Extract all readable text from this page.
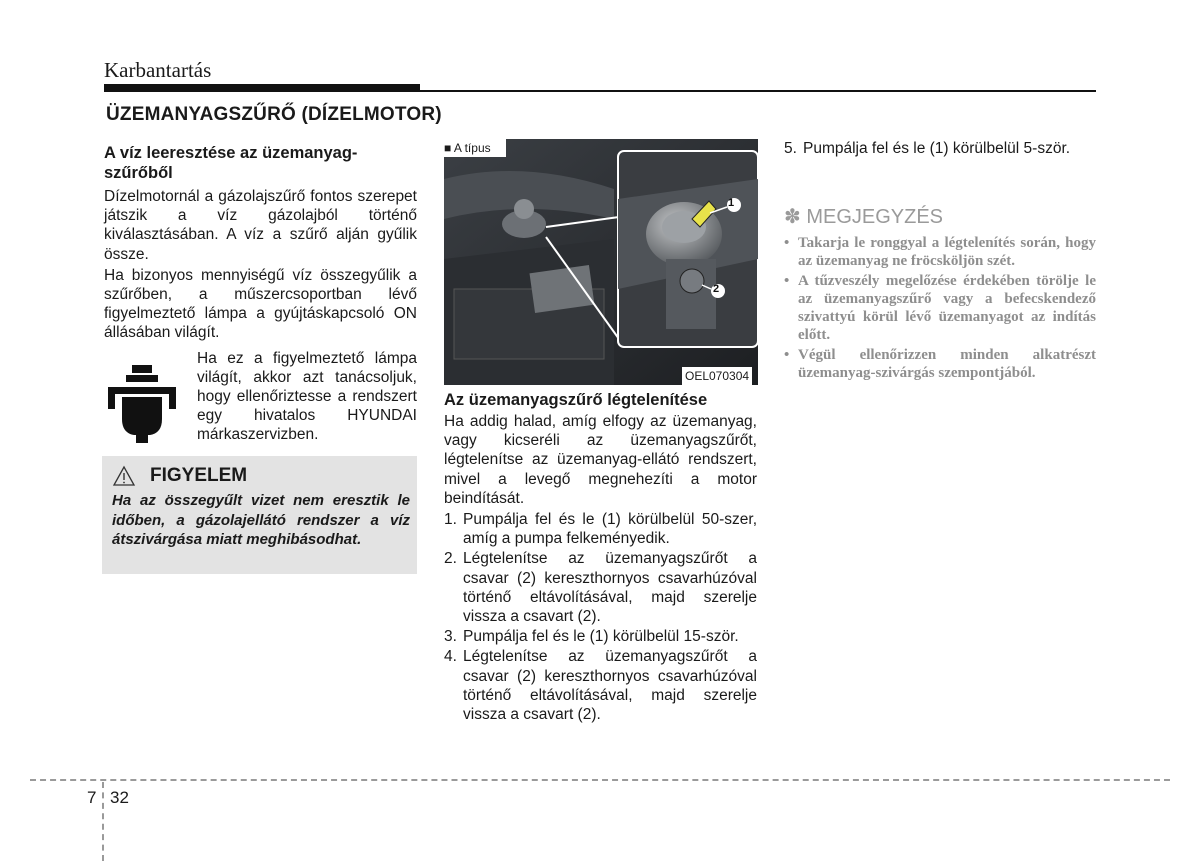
Karbantartás
ÜZEMANYAGSZŰRŐ (DÍZELMOTOR)
A víz leeresztése az üzemanyag-szűrőből

Dízelmotornál a gázolajszűrő fontos szerepet játszik a víz gázolajból történő kiválasztásában. A víz a szűrő alján gyűlik össze.

Ha bizonyos mennyiségű víz összegyűlik a szűrőben, a műszercsoportban lévő figyelmeztető lámpa a gyújtáskapcsoló ON állásában világít.

Ha ez a figyelmeztető lámpa világít, akkor azt tanácsoljuk, hogy ellenőriztesse a rendszert egy hivatalos HYUNDAI márkaszervizben.
FIGYELEM
Ha az összegyűlt vizet nem eresztik le időben, a gázolajellátó rendszer a víz átszivárgása miatt meghibásodhat.
1
2
■ A típus
OEL070304
Az üzemanyagszűrő légtelenítése

Ha addig halad, amíg elfogy az üzemanyag, vagy kicseréli az üzemanyagszűrőt, légtelenítse az üzemanyag-ellátó rendszert, mivel a levegő megnehezíti a motor beindítását.

1. Pumpálja fel és le (1) körülbelül 50-szer, amíg a pumpa felkeményedik.
2. Légtelenítse az üzemanyagszűrőt a csavar (2) kereszthornyos csavarhúzóval történő eltávolításával, majd szerelje vissza a csavart (2).
3. Pumpálja fel és le (1) körülbelül 15-ször.
4. Légtelenítse az üzemanyagszűrőt a csavar (2) kereszthornyos csavarhúzóval történő eltávolításával, majd szerelje vissza a csavart (2).
5. Pumpálja fel és le (1) körülbelül 5-ször.
✽ MEGJEGYZÉS
• Takarja le ronggyal a légtelenítés során, hogy az üzemanyag ne fröcsköljön szét.
• A tűzveszély megelőzése érdekében törölje le az üzemanyagszűrő vagy a befecskendező szivattyú körül lévő üzemanyagot az indítás előtt.
• Végül ellenőrizzen minden alkatrészt üzemanyag-szivárgás szempontjából.
7 32
